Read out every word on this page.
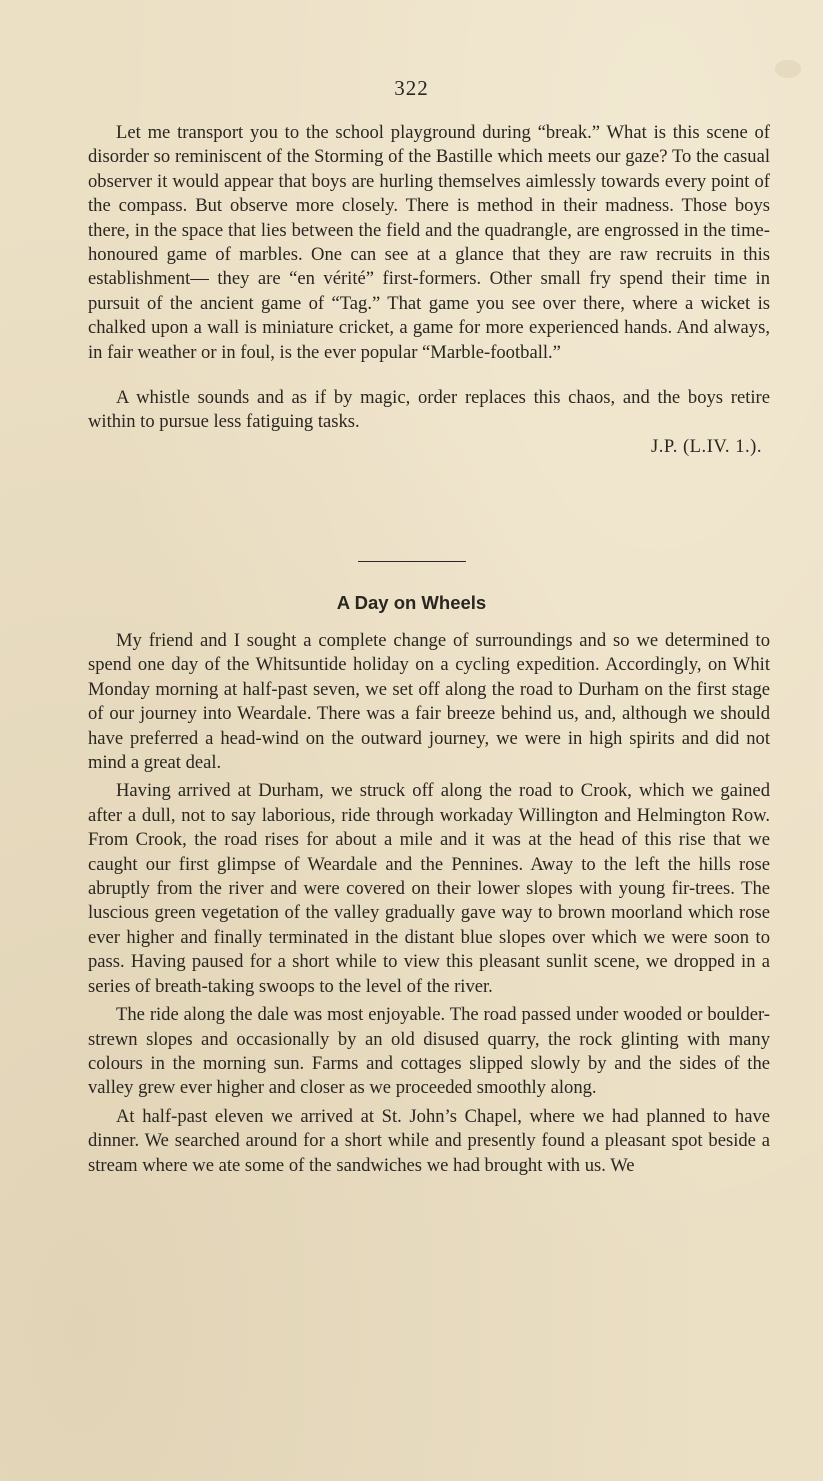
322

Let me transport you to the school playground during “break.” What is this scene of disorder so reminiscent of the Storming of the Bastille which meets our gaze? To the casual observer it would appear that boys are hurling themselves aimlessly towards every point of the compass. But observe more closely. There is method in their madness. Those boys there, in the space that lies between the field and the quadrangle, are engrossed in the time-honoured game of marbles. One can see at a glance that they are raw recruits in this establishment— they are “en vérité” first-formers. Other small fry spend their time in pursuit of the ancient game of “Tag.” That game you see over there, where a wicket is chalked upon a wall is miniature cricket, a game for more experienced hands. And always, in fair weather or in foul, is the ever popular “Marble-football.”

A whistle sounds and as if by magic, order replaces this chaos, and the boys retire within to pursue less fatiguing tasks.

J.P. (L.IV. 1.).

A Day on Wheels

My friend and I sought a complete change of surroundings and so we determined to spend one day of the Whitsuntide holiday on a cycling expedition. Accordingly, on Whit Monday morning at half-past seven, we set off along the road to Durham on the first stage of our journey into Weardale. There was a fair breeze behind us, and, although we should have preferred a head-wind on the outward journey, we were in high spirits and did not mind a great deal.

Having arrived at Durham, we struck off along the road to Crook, which we gained after a dull, not to say laborious, ride through workaday Willington and Helmington Row. From Crook, the road rises for about a mile and it was at the head of this rise that we caught our first glimpse of Weardale and the Pennines. Away to the left the hills rose abruptly from the river and were covered on their lower slopes with young fir-trees. The luscious green vegetation of the valley gradually gave way to brown moorland which rose ever higher and finally terminated in the distant blue slopes over which we were soon to pass. Having paused for a short while to view this pleasant sunlit scene, we dropped in a series of breath-taking swoops to the level of the river.

The ride along the dale was most enjoyable. The road passed under wooded or boulder-strewn slopes and occasionally by an old disused quarry, the rock glinting with many colours in the morning sun. Farms and cottages slipped slowly by and the sides of the valley grew ever higher and closer as we proceeded smoothly along.

At half-past eleven we arrived at St. John’s Chapel, where we had planned to have dinner. We searched around for a short while and presently found a pleasant spot beside a stream where we ate some of the sandwiches we had brought with us. We
